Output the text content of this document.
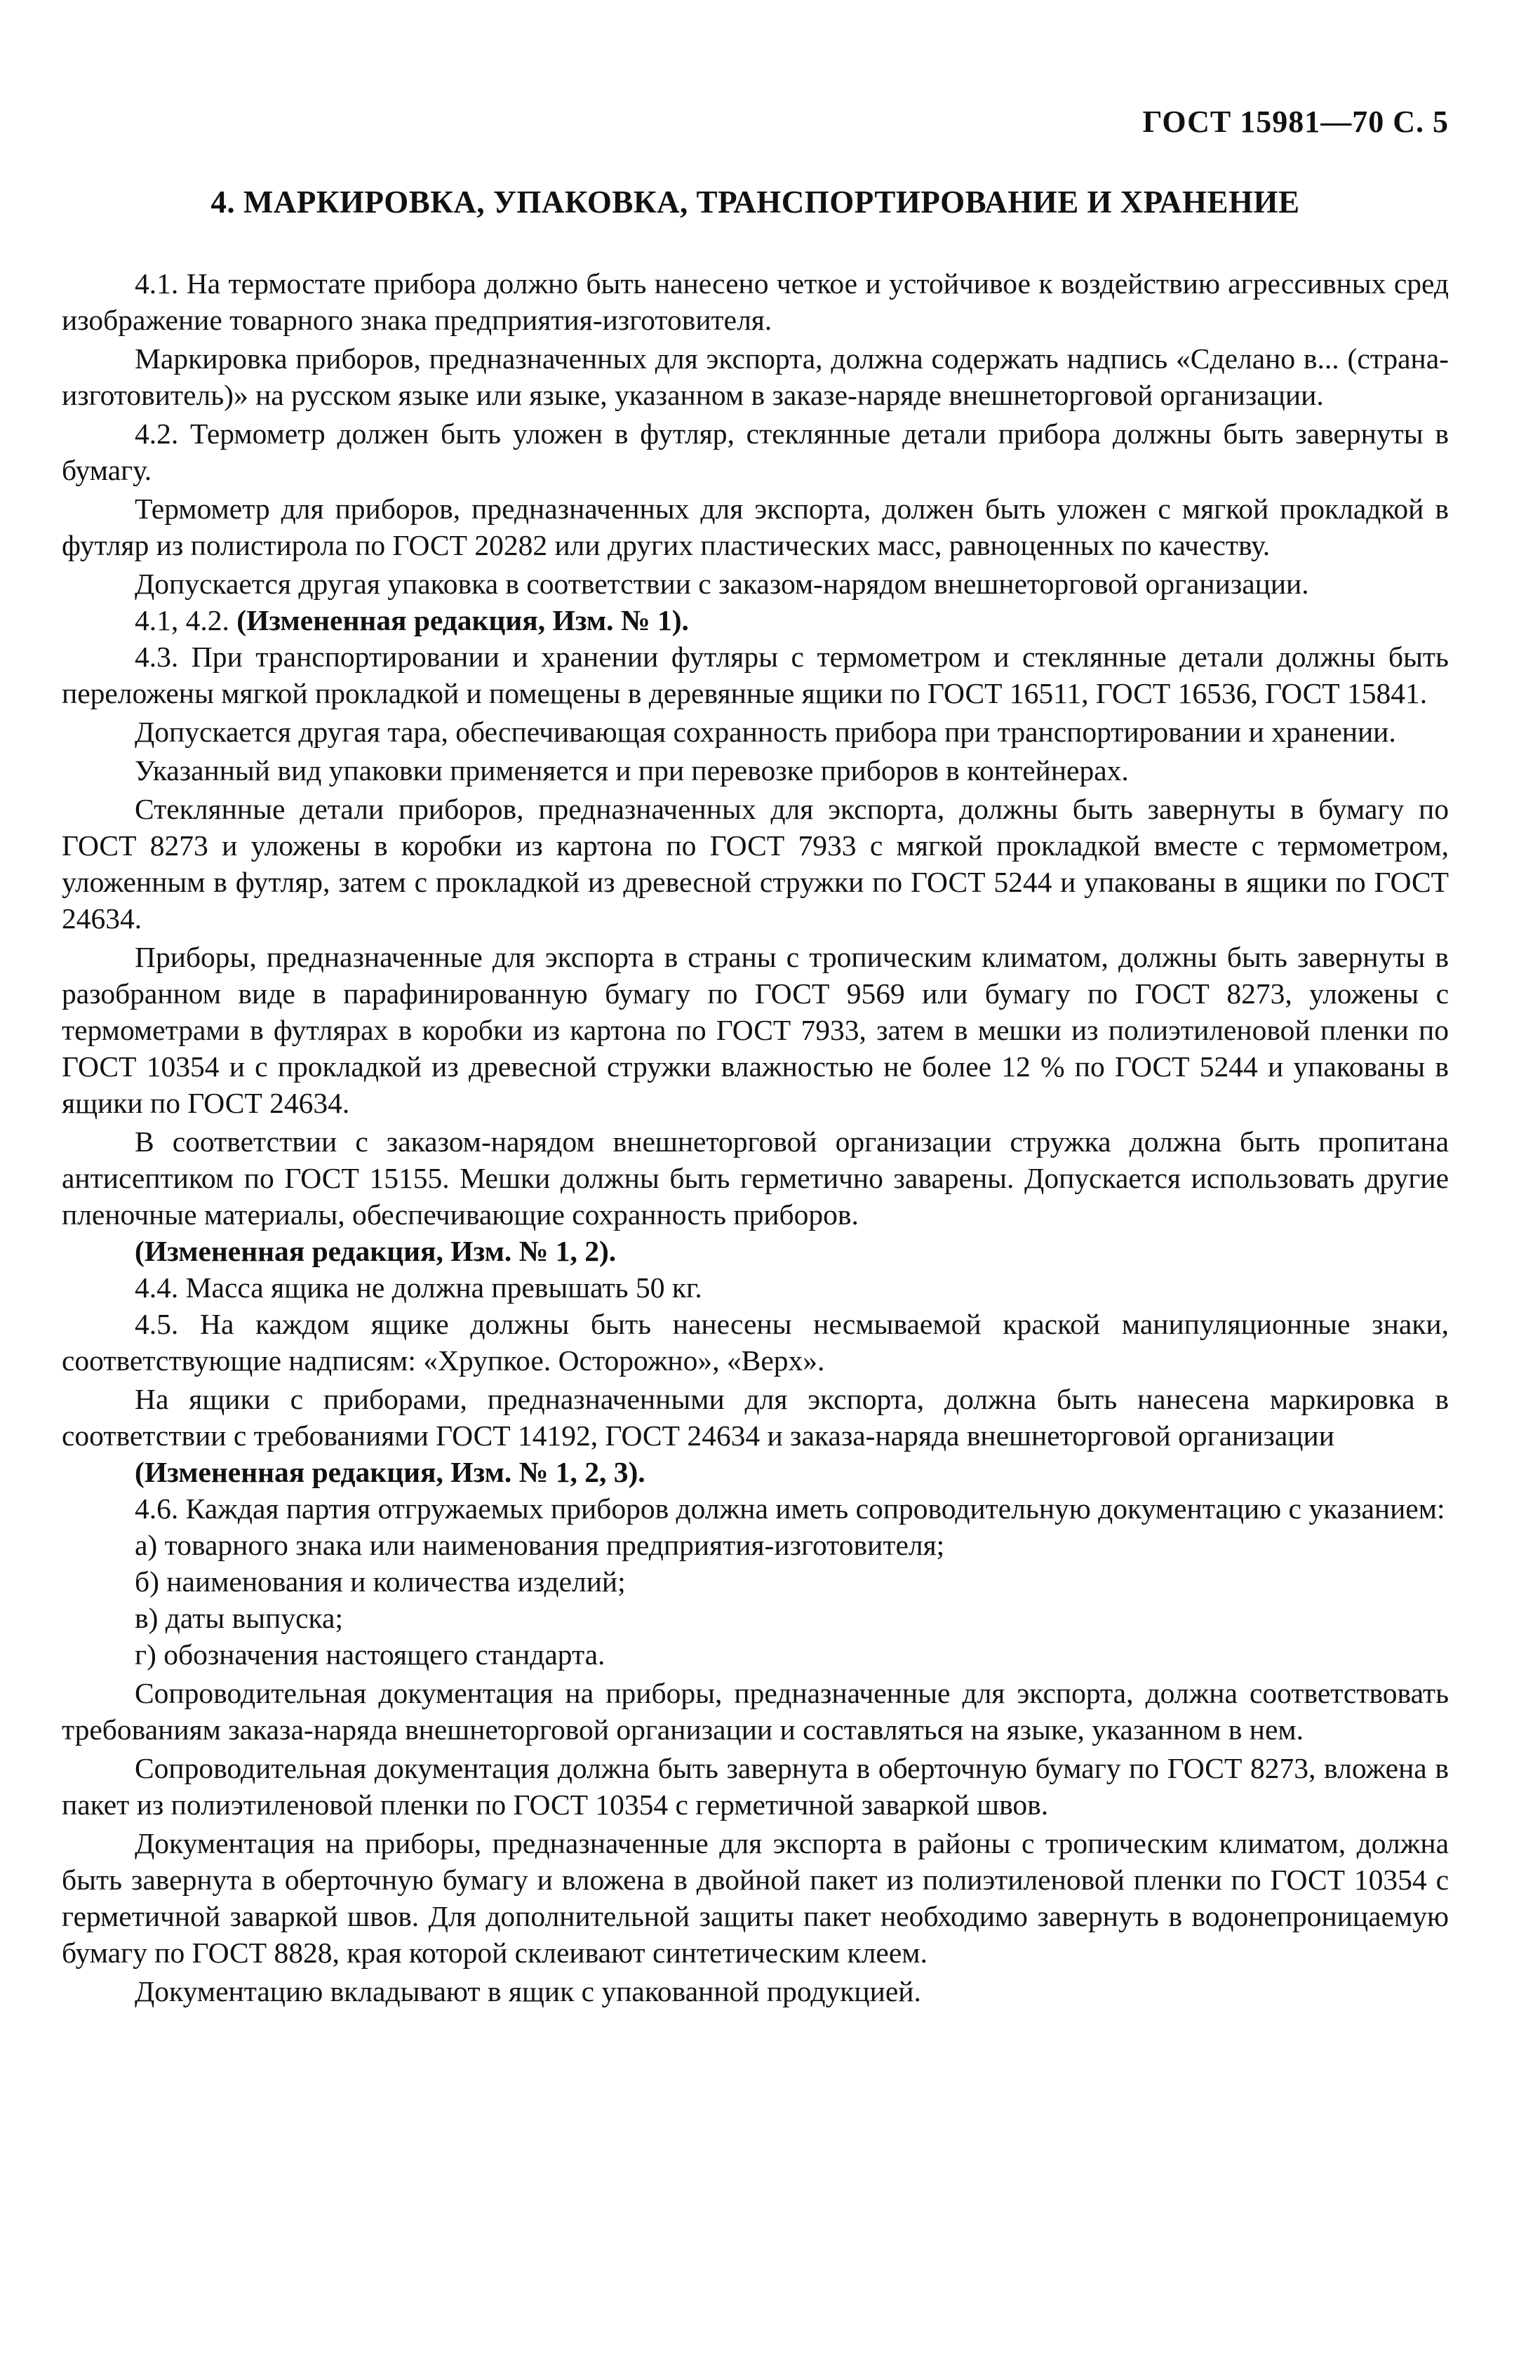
ГОСТ 15981—70 С. 5
4. МАРКИРОВКА, УПАКОВКА, ТРАНСПОРТИРОВАНИЕ И ХРАНЕНИЕ

4.1. На термостате прибора должно быть нанесено четкое и устойчивое к воздействию агрессивных сред изображение товарного знака предприятия-изготовителя.

Маркировка приборов, предназначенных для экспорта, должна содержать надпись «Сделано в... (страна-изготовитель)» на русском языке или языке, указанном в заказе-наряде внешнеторговой организации.

4.2. Термометр должен быть уложен в футляр, стеклянные детали прибора должны быть завернуты в бумагу.

Термометр для приборов, предназначенных для экспорта, должен быть уложен с мягкой прокладкой в футляр из полистирола по ГОСТ 20282 или других пластических масс, равноценных по качеству.

Допускается другая упаковка в соответствии с заказом-нарядом внешнеторговой организации.

4.1, 4.2. (Измененная редакция, Изм. № 1).

4.3. При транспортировании и хранении футляры с термометром и стеклянные детали должны быть переложены мягкой прокладкой и помещены в деревянные ящики по ГОСТ 16511, ГОСТ 16536, ГОСТ 15841.

Допускается другая тара, обеспечивающая сохранность прибора при транспортировании и хранении.

Указанный вид упаковки применяется и при перевозке приборов в контейнерах.

Стеклянные детали приборов, предназначенных для экспорта, должны быть завернуты в бумагу по ГОСТ 8273 и уложены в коробки из картона по ГОСТ 7933 с мягкой прокладкой вместе с термометром, уложенным в футляр, затем с прокладкой из древесной стружки по ГОСТ 5244 и упакованы в ящики по ГОСТ 24634.

Приборы, предназначенные для экспорта в страны с тропическим климатом, должны быть завернуты в разобранном виде в парафинированную бумагу по ГОСТ 9569 или бумагу по ГОСТ 8273, уложены с термометрами в футлярах в коробки из картона по ГОСТ 7933, затем в мешки из полиэтиленовой пленки по ГОСТ 10354 и с прокладкой из древесной стружки влажностью не более 12 % по ГОСТ 5244 и упакованы в ящики по ГОСТ 24634.

В соответствии с заказом-нарядом внешнеторговой организации стружка должна быть пропитана антисептиком по ГОСТ 15155. Мешки должны быть герметично заварены. Допускается использовать другие пленочные материалы, обеспечивающие сохранность приборов.

(Измененная редакция, Изм. № 1, 2).

4.4. Масса ящика не должна превышать 50 кг.

4.5. На каждом ящике должны быть нанесены несмываемой краской манипуляционные знаки, соответствующие надписям: «Хрупкое. Осторожно», «Верх».

На ящики с приборами, предназначенными для экспорта, должна быть нанесена маркировка в соответствии с требованиями ГОСТ 14192, ГОСТ 24634 и заказа-наряда внешнеторговой организации

(Измененная редакция, Изм. № 1, 2, 3).

4.6. Каждая партия отгружаемых приборов должна иметь сопроводительную документацию с указанием:

а) товарного знака или наименования предприятия-изготовителя;

б) наименования и количества изделий;

в) даты выпуска;

г) обозначения настоящего стандарта.

Сопроводительная документация на приборы, предназначенные для экспорта, должна соответствовать требованиям заказа-наряда внешнеторговой организации и составляться на языке, указанном в нем.

Сопроводительная документация должна быть завернута в оберточную бумагу по ГОСТ 8273, вложена в пакет из полиэтиленовой пленки по ГОСТ 10354 с герметичной заваркой швов.

Документация на приборы, предназначенные для экспорта в районы с тропическим климатом, должна быть завернута в оберточную бумагу и вложена в двойной пакет из полиэтиленовой пленки по ГОСТ 10354 с герметичной заваркой швов. Для дополнительной защиты пакет необходимо завернуть в водонепроницаемую бумагу по ГОСТ 8828, края которой склеивают синтетическим клеем.

Документацию вкладывают в ящик с упакованной продукцией.
